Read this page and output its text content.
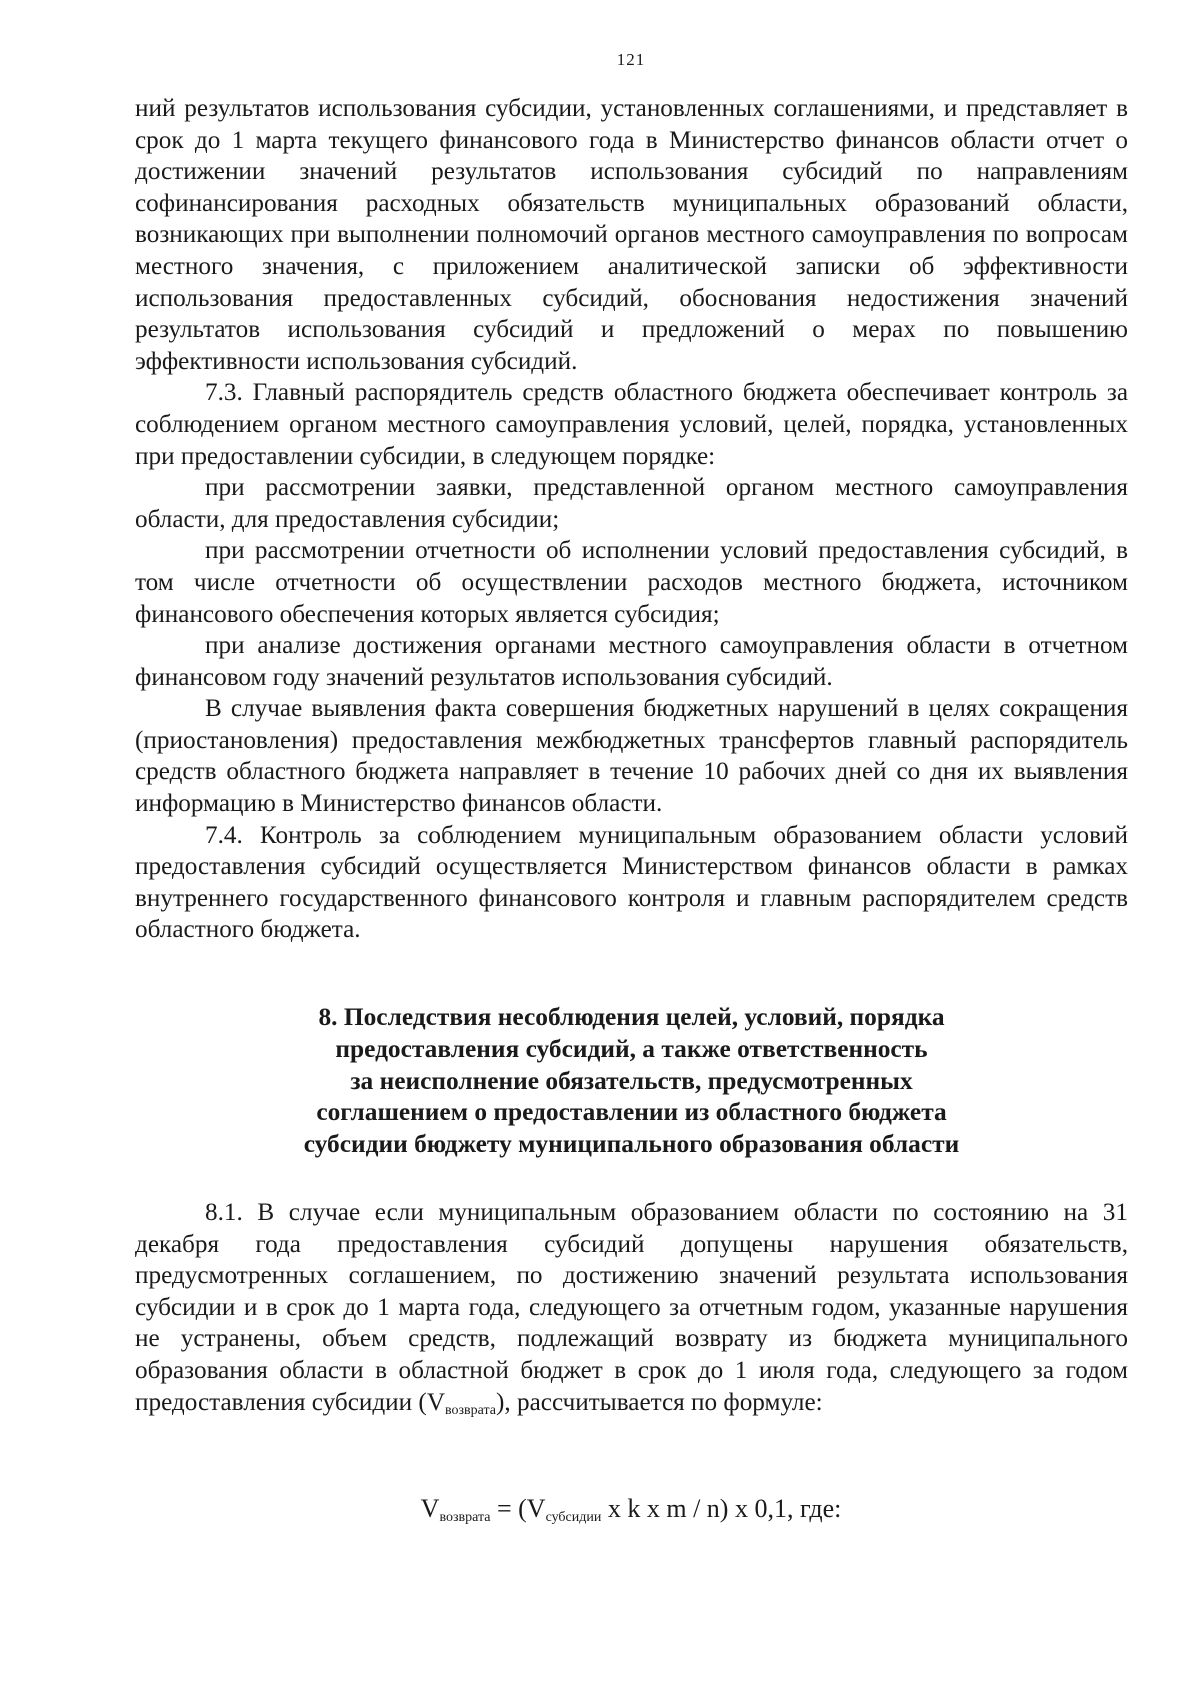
121

ний результатов использования субсидии, установленных соглашениями, и представляет в срок до 1 марта текущего финансового года в Министерство финансов области отчет о достижении значений результатов использования субсидий по направлениям софинансирования расходных обязательств муниципальных образований области, возникающих при выполнении полномочий органов местного самоуправления по вопросам местного значения, с приложением аналитической записки об эффективности использования предоставленных субсидий, обоснования недостижения значений результатов использования субсидий и предложений о мерах по повышению эффективности использования субсидий.

7.3. Главный распорядитель средств областного бюджета обеспечивает контроль за соблюдением органом местного самоуправления условий, целей, порядка, установленных при предоставлении субсидии, в следующем порядке:

при рассмотрении заявки, представленной органом местного самоуправления области, для предоставления субсидии;

при рассмотрении отчетности об исполнении условий предоставления субсидий, в том числе отчетности об осуществлении расходов местного бюджета, источником финансового обеспечения которых является субсидия;

при анализе достижения органами местного самоуправления области в отчетном финансовом году значений результатов использования субсидий.

В случае выявления факта совершения бюджетных нарушений в целях сокращения (приостановления) предоставления межбюджетных трансфертов главный распорядитель средств областного бюджета направляет в течение 10 рабочих дней со дня их выявления информацию в Министерство финансов области.

7.4. Контроль за соблюдением муниципальным образованием области условий предоставления субсидий осуществляется Министерством финансов области в рамках внутреннего государственного финансового контроля и главным распорядителем средств областного бюджета.

8. Последствия несоблюдения целей, условий, порядка
предоставления субсидий, а также ответственность
за неисполнение обязательств, предусмотренных
соглашением о предоставлении из областного бюджета
субсидии бюджету муниципального образования области

8.1. В случае если муниципальным образованием области по состоянию на 31 декабря года предоставления субсидий допущены нарушения обязательств, предусмотренных соглашением, по достижению значений результата использования субсидии и в срок до 1 марта года, следующего за отчетным годом, указанные нарушения не устранены, объем средств, подлежащий возврату из бюджета муниципального образования области в областной бюджет в срок до 1 июля года, следующего за годом предоставления субсидии $(V_{возврата})$, рассчитывается по формуле:

$V_{возврата} = (V_{субсидии}$ x k x m / n) x 0,1, где:
